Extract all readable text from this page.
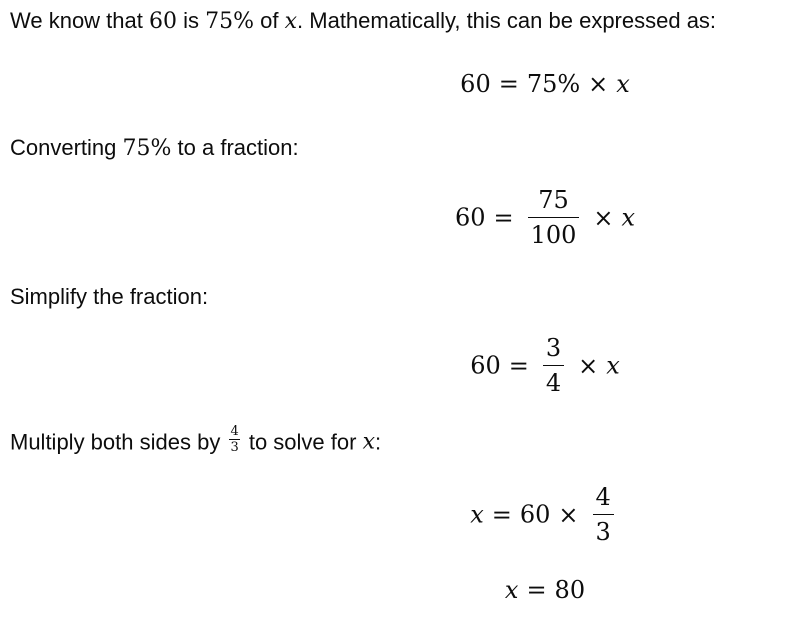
We know that 60 is 75% of x. Mathematically, this can be expressed as:
60 = 75% × x
Converting 75% to a fraction:
$60 = \frac{75}{100} \times x$
Simplify the fraction:
$60 = \frac{3}{4} \times x$
Multiply both sides by $\frac{4}{3}$ to solve for x:
$x = 60 \times \frac{4}{3}$
x = 80
